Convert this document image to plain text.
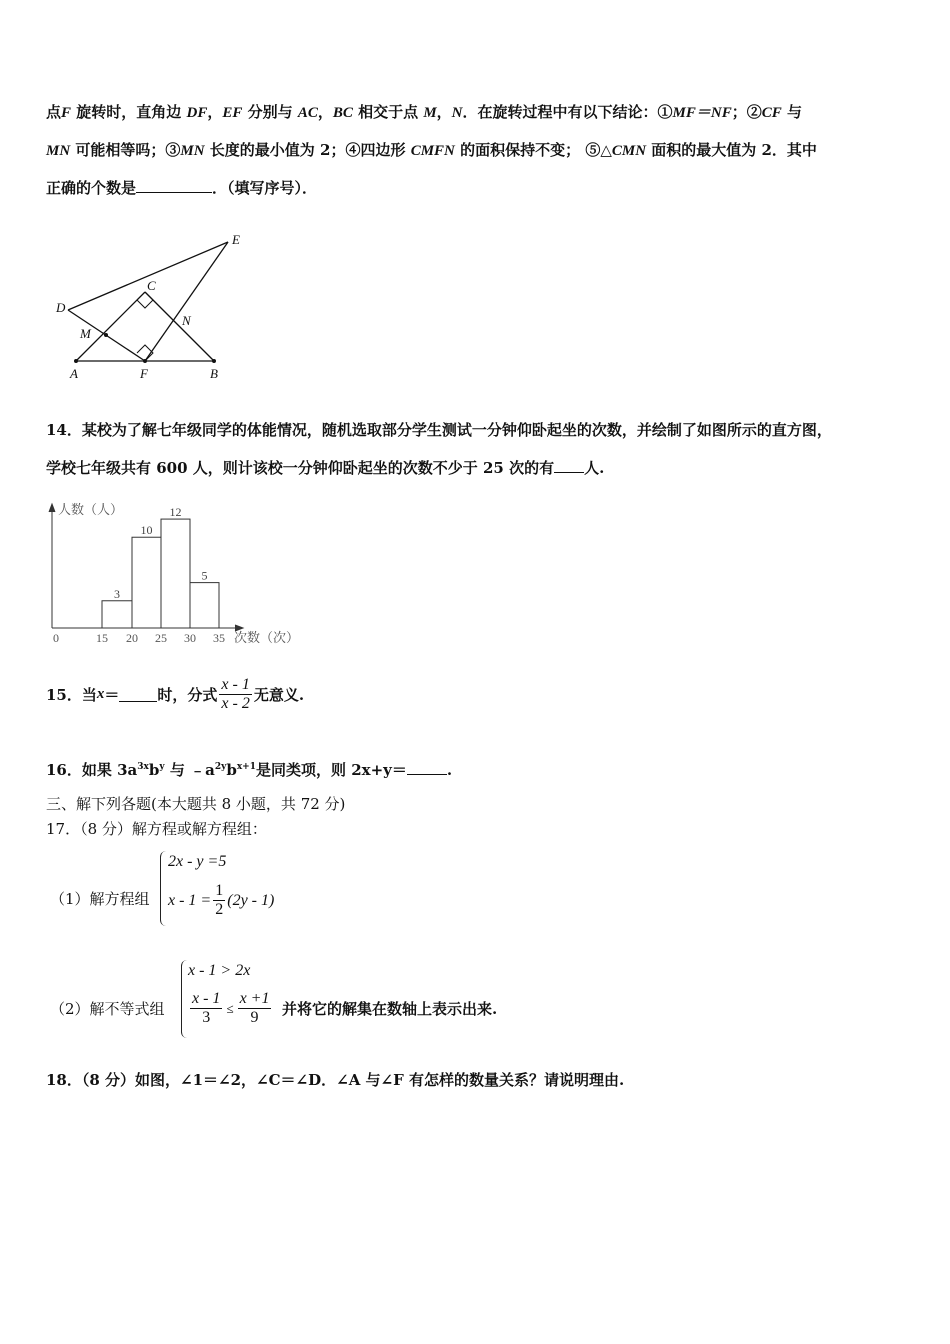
点F 旋转时，直角边 DF，EF 分别与 AC，BC 相交于点 M，N．在旋转过程中有以下结论：①MF＝NF；②CF 与
MN 可能相等吗；③MN 长度的最小值为 2；④四边形 CMFN 的面积保持不变； ⑤△CMN 面积的最大值为 2．其中
正确的个数是	．（填写序号）．
E
D
C
M
N
A	F	B
14．某校为了解七年级同学的体能情况，随机选取部分学生测试一分钟仰卧起坐的次数，并绘制了如图所示的直方图，
学校七年级共有 600 人，则计该校一分钟仰卧起坐的次数不少于 25 次的有 人.
3
10
12
5
15 20 25 30 35
人数（人）
次数（次）
0
15．当 x ＝	时，分式 $\frac{x - 1}{x - 2}$ 无意义.
16．如果 $3a^{3x}b^y$ 与 $﹣a^{2y}b^{x+1}$是同类项，则 2x+y＝	.
三、解下列各题(本大题共 8 小题，共 72 分)
17．（8 分）解方程或解方程组：
（1）解方程组
2x - y =5
$x - 1 = \frac{1}{2} (2y - 1)$
（2）解不等式组
x - 1 > 2x
$\frac{x - 1}{3} \le \frac{x +1}{9}$ 并将它的解集在数轴上表示出来.
18．（8 分）如图，∠1＝∠2，∠C＝∠D．∠A 与∠F 有怎样的数量关系？请说明理由.
